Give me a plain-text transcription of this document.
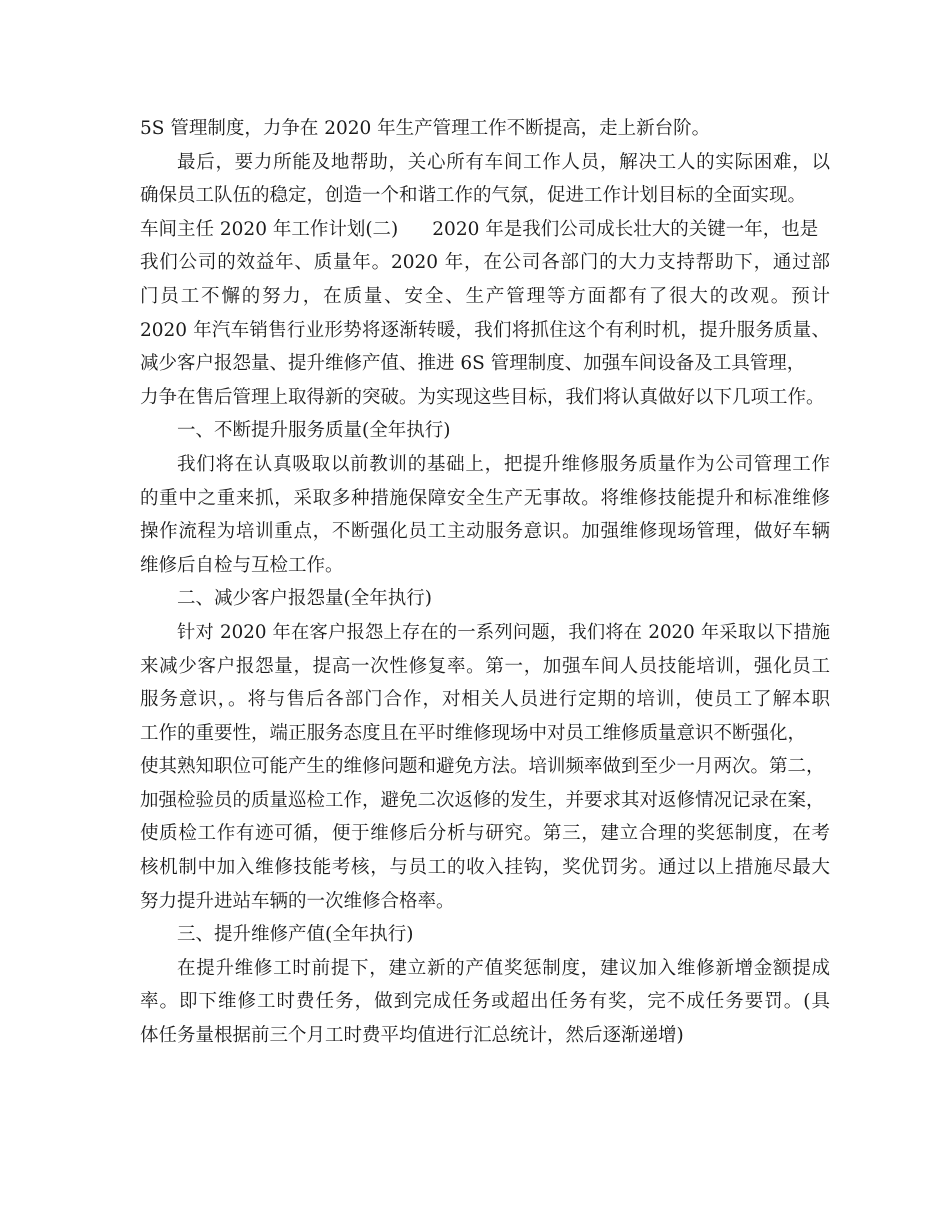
5S 管理制度，力争在 2020 年生产管理工作不断提高，走上新台阶。
最后，要力所能及地帮助，关心所有车间工作人员，解决工人的实际困难，以
确保员工队伍的稳定，创造一个和谐工作的气氛，促进工作计划目标的全面实现。
车间主任 2020 年工作计划(二) 2020 年是我们公司成长壮大的关键一年，也是
我们公司的效益年、质量年。2020 年，在公司各部门的大力支持帮助下，通过部
门员工不懈的努力，在质量、安全、生产管理等方面都有了很大的改观。预计
2020 年汽车销售行业形势将逐渐转暖，我们将抓住这个有利时机，提升服务质量、
减少客户报怨量、提升维修产值、推进 6S 管理制度、加强车间设备及工具管理，
力争在售后管理上取得新的突破。为实现这些目标，我们将认真做好以下几项工作。
一、不断提升服务质量(全年执行)
我们将在认真吸取以前教训的基础上，把提升维修服务质量作为公司管理工作
的重中之重来抓，采取多种措施保障安全生产无事故。将维修技能提升和标准维修
操作流程为培训重点，不断强化员工主动服务意识。加强维修现场管理，做好车辆
维修后自检与互检工作。
二、减少客户报怨量(全年执行)
针对 2020 年在客户报怨上存在的一系列问题，我们将在 2020 年采取以下措施
来减少客户报怨量，提高一次性修复率。第一，加强车间人员技能培训，强化员工
服务意识，。将与售后各部门合作，对相关人员进行定期的培训，使员工了解本职
工作的重要性，端正服务态度且在平时维修现场中对员工维修质量意识不断强化，
使其熟知职位可能产生的维修问题和避免方法。培训频率做到至少一月两次。第二，
加强检验员的质量巡检工作，避免二次返修的发生，并要求其对返修情况记录在案，
使质检工作有迹可循，便于维修后分析与研究。第三，建立合理的奖惩制度，在考
核机制中加入维修技能考核，与员工的收入挂钩，奖优罚劣。通过以上措施尽最大
努力提升进站车辆的一次维修合格率。
三、提升维修产值(全年执行)
在提升维修工时前提下，建立新的产值奖惩制度，建议加入维修新增金额提成
率。即下维修工时费任务，做到完成任务或超出任务有奖，完不成任务要罚。(具
体任务量根据前三个月工时费平均值进行汇总统计，然后逐渐递增)
